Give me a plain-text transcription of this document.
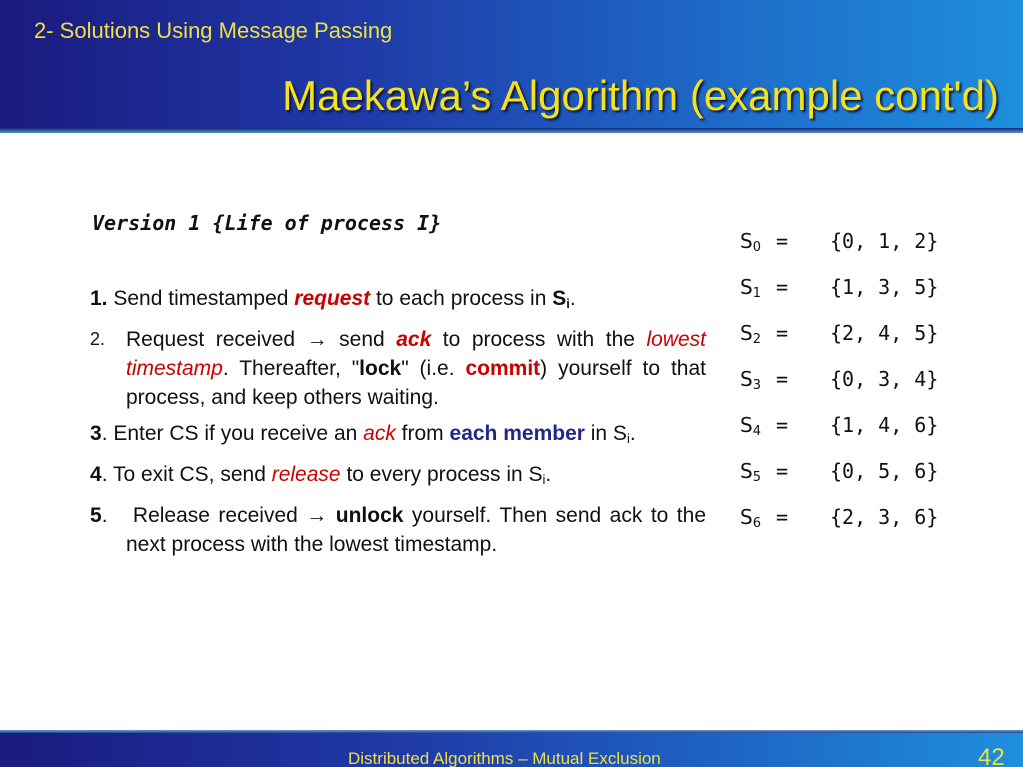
2- Solutions Using Message Passing
Maekawa’s Algorithm (example cont'd)
Version 1 {Life of process I}
1. Send timestamped request to each process in $S_i$.
2. Request received → send ack to process with the lowest timestamp. Thereafter, "lock" (i.e. commit) yourself to that process, and keep others waiting.
3. Enter CS if you receive an ack from each member in $S_i$.
4. To exit CS, send release to every process in $S_i$.
5.   Release received → unlock yourself. Then send ack to the next process with the lowest timestamp.
$S_0 = \{0$, 1, 2}
$S_1 = \{1$, 3, 5}
$S_2 = \{2$, 4, 5}
$S_3 = \{0$, 3, 4}
$S_4 = \{1$, 4, 6}
$S_5 = \{0$, 5, 6}
$S_6 = \{2$, 3, 6}
Distributed Algorithms – Mutual Exclusion	42
